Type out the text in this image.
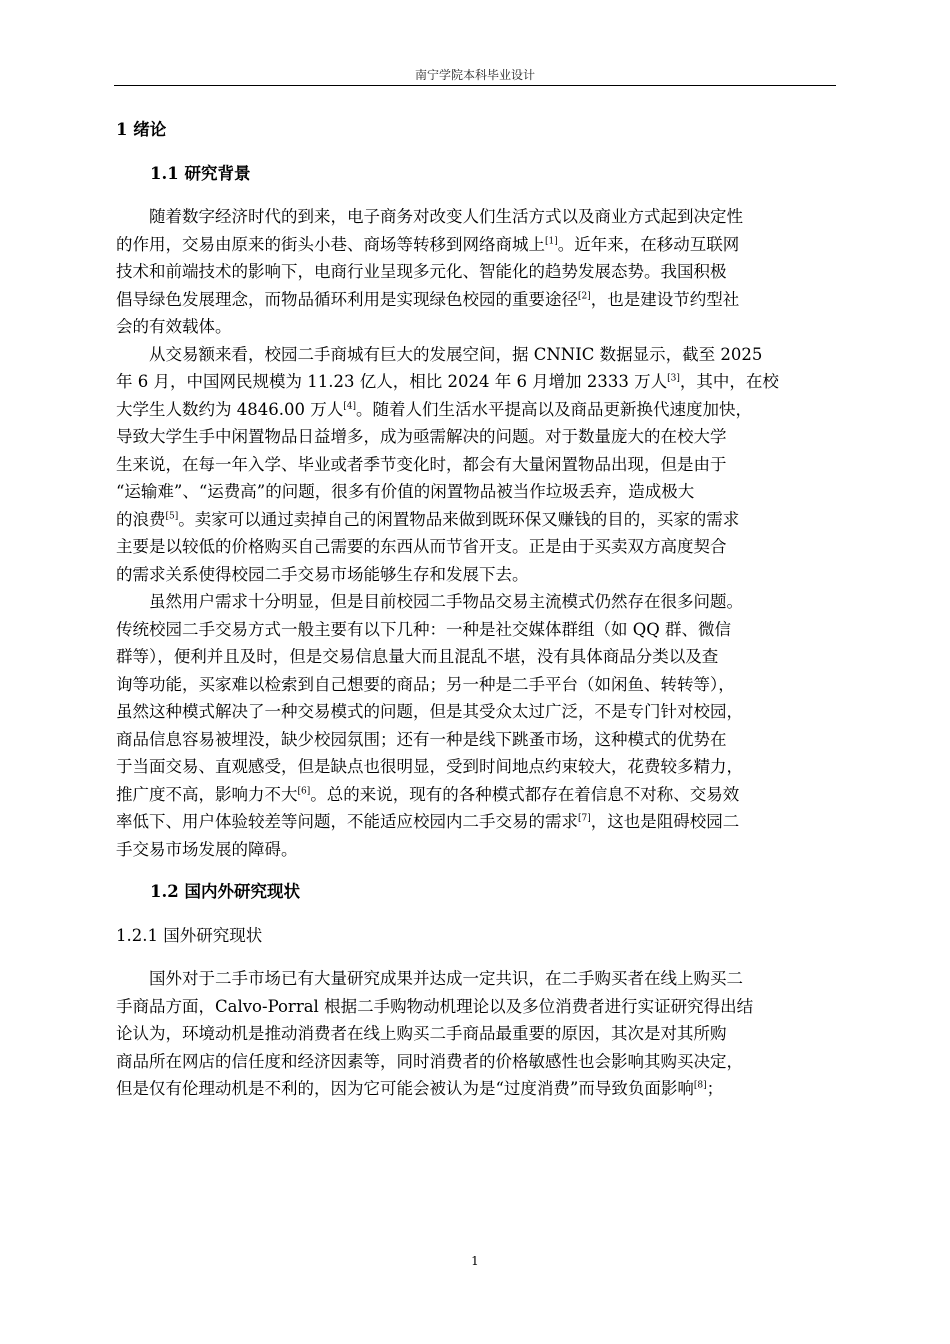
南宁学院本科毕业设计
1 绪论
1.1 研究背景
随着数字经济时代的到来，电子商务对改变人们生活方式以及商业方式起到决定性
的作用，交易由原来的街头小巷、商场等转移到网络商城上[1]。近年来，在移动互联网
技术和前端技术的影响下，电商行业呈现多元化、智能化的趋势发展态势。我国积极
倡导绿色发展理念，而物品循环利用是实现绿色校园的重要途径[2]，也是建设节约型社
会的有效载体。
从交易额来看，校园二手商城有巨大的发展空间，据 CNNIC 数据显示，截至 2025
年 6 月，中国网民规模为 11.23 亿人，相比 2024 年 6 月增加 2333 万人[3]，其中，在校
大学生人数约为 4846.00 万人[4]。随着人们生活水平提高以及商品更新换代速度加快，
导致大学生手中闲置物品日益增多，成为亟需解决的问题。对于数量庞大的在校大学
生来说，在每一年入学、毕业或者季节变化时，都会有大量闲置物品出现，但是由于
“运输难”、“运费高”的问题，很多有价值的闲置物品被当作垃圾丢弃，造成极大
的浪费[5]。卖家可以通过卖掉自己的闲置物品来做到既环保又赚钱的目的，买家的需求
主要是以较低的价格购买自己需要的东西从而节省开支。正是由于买卖双方高度契合
的需求关系使得校园二手交易市场能够生存和发展下去。
虽然用户需求十分明显，但是目前校园二手物品交易主流模式仍然存在很多问题。
传统校园二手交易方式一般主要有以下几种：一种是社交媒体群组（如 QQ 群、微信
群等），便利并且及时，但是交易信息量大而且混乱不堪，没有具体商品分类以及查
询等功能，买家难以检索到自己想要的商品；另一种是二手平台（如闲鱼、转转等），
虽然这种模式解决了一种交易模式的问题，但是其受众太过广泛，不是专门针对校园，
商品信息容易被埋没，缺少校园氛围；还有一种是线下跳蚤市场，这种模式的优势在
于当面交易、直观感受，但是缺点也很明显，受到时间地点约束较大，花费较多精力，
推广度不高，影响力不大[6]。总的来说，现有的各种模式都存在着信息不对称、交易效
率低下、用户体验较差等问题，不能适应校园内二手交易的需求[7]，这也是阻碍校园二
手交易市场发展的障碍。
1.2 国内外研究现状
1.2.1 国外研究现状
国外对于二手市场已有大量研究成果并达成一定共识，在二手购买者在线上购买二
手商品方面，Calvo-Porral 根据二手购物动机理论以及多位消费者进行实证研究得出结
论认为，环境动机是推动消费者在线上购买二手商品最重要的原因，其次是对其所购
商品所在网店的信任度和经济因素等，同时消费者的价格敏感性也会影响其购买决定，
但是仅有伦理动机是不利的，因为它可能会被认为是“过度消费”而导致负面影响[8]；
1
